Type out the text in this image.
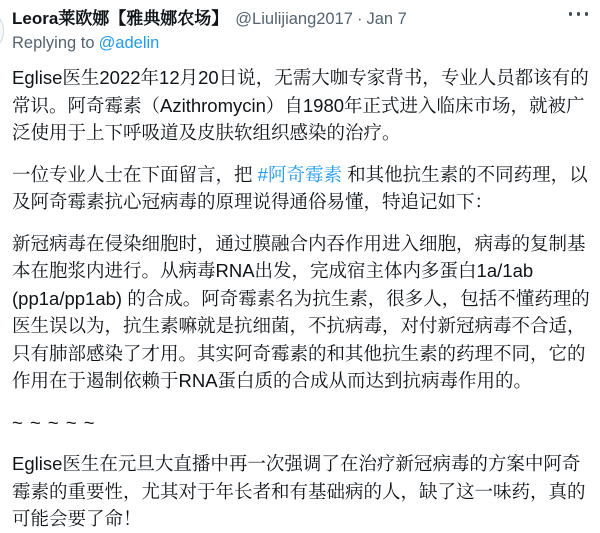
Leora莱欧娜【雅典娜农场】 @Liulijiang2017 · Jan 7
Replying to @adelin

Eglise医生2022年12月20日说，无需大咖专家背书，专业人员都该有的常识。阿奇霉素（Azithromycin）自1980年正式进入临床市场，就被广泛使用于上下呼吸道及皮肤软组织感染的治疗。

一位专业人士在下面留言，把 #阿奇霉素 和其他抗生素的不同药理，以及阿奇霉素抗心冠病毒的原理说得通俗易懂，特追记如下：

新冠病毒在侵染细胞时，通过膜融合内吞作用进入细胞，病毒的复制基本在胞浆内进行。从病毒RNA出发，完成宿主体内多蛋白1a/1ab (pp1a/pp1ab) 的合成。阿奇霉素名为抗生素，很多人，包括不懂药理的医生误以为，抗生素嘛就是抗细菌，不抗病毒，对付新冠病毒不合适，只有肺部感染了才用。其实阿奇霉素的和其他抗生素的药理不同，它的作用在于遏制依赖于RNA蛋白质的合成从而达到抗病毒作用的。

~ ~ ~ ~ ~

Eglise医生在元旦大直播中再一次强调了在治疗新冠病毒的方案中阿奇霉素的重要性，尤其对于年长者和有基础病的人，缺了这一味药，真的可能会要了命！
